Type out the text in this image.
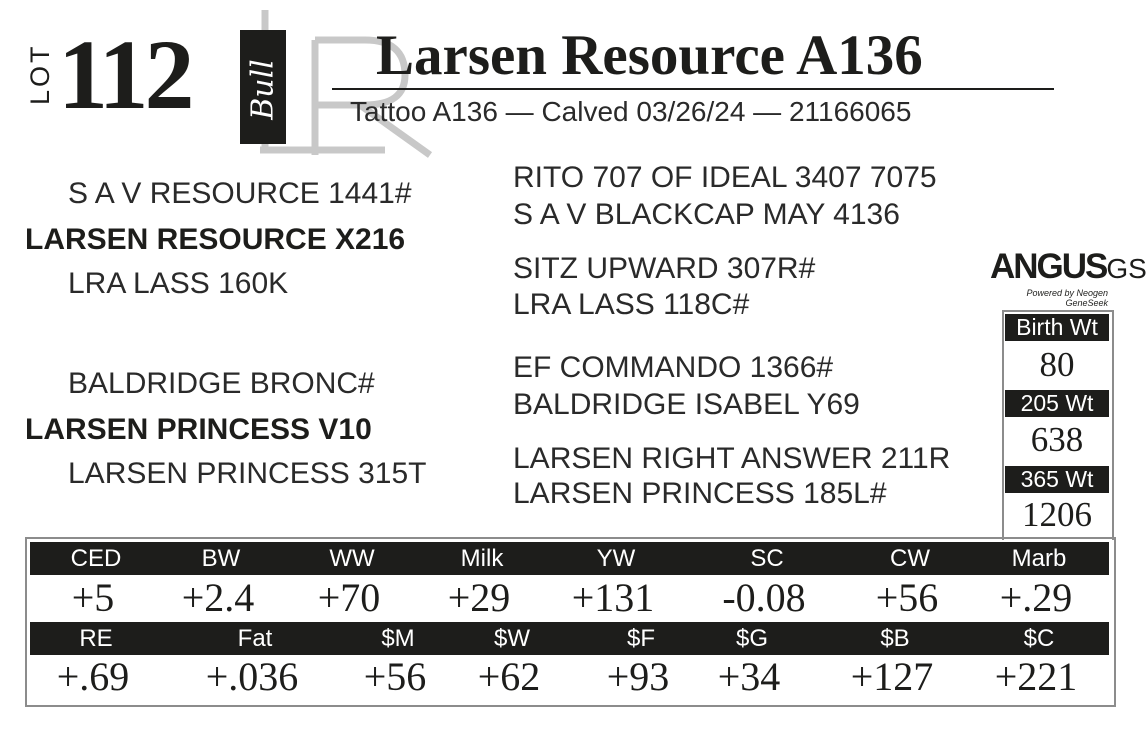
LOT 112 Bull
Larsen Resource A136
Tattoo A136 — Calved 03/26/24 — 21166065
S A V RESOURCE 1441#
LARSEN RESOURCE X216
LRA LASS 160K
BALDRIDGE BRONC#
LARSEN PRINCESS V10
LARSEN PRINCESS 315T
RITO 707 OF IDEAL 3407 7075
S A V BLACKCAP MAY 4136
SITZ UPWARD 307R#
LRA LASS 118C#
EF COMMANDO 1366#
BALDRIDGE ISABEL Y69
LARSEN RIGHT ANSWER 211R
LARSEN PRINCESS 185L#
ANGUSGS
Powered by Neogen GeneSeek
Birth Wt
80
205 Wt
638
365 Wt
1206
CED	BW	WW	Milk	YW	SC	CW	Marb
+5	+2.4	+70	+29	+131	-0.08	+56	+.29
RE	Fat	$M	$W	$F	$G	$B	$C
+.69	+.036	+56	+62	+93	+34	+127	+221
